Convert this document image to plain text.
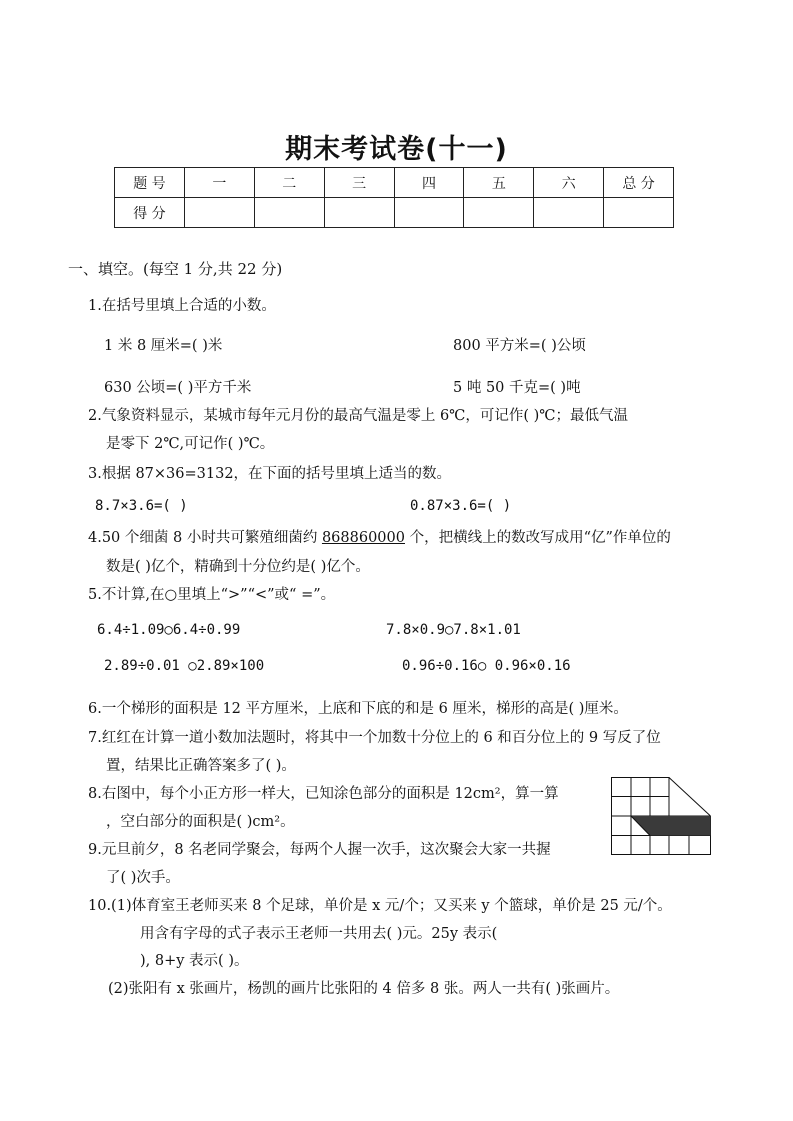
期末考试卷(十一)
题 号	一	二	三	四	五	六	总 分
得 分							
一、填空。(每空 1 分,共 22 分)
1.在括号里填上合适的小数。
1 米 8 厘米=( )米	800 平方米=( )公顷
630 公顷=( )平方千米	5 吨 50 千克=( )吨
2.气象资料显示，某城市每年元月份的最高气温是零上 6℃，可记作( )℃；最低气温
是零下 2℃,可记作( )℃。
3.根据 87×36=3132，在下面的括号里填上适当的数。
8.7×3.6=( )	0.87×3.6=( )
4.50 个细菌 8 小时共可繁殖细菌约 868860000 个，把横线上的数改写成用“亿”作单位的
数是( )亿个，精确到十分位约是( )亿个。
5.不计算,在○里填上“>”“<”或“ =”。
6.4÷1.09○6.4÷0.99	7.8×0.9○7.8×1.01
2.89÷0.01 ○2.89×100	0.96÷0.16○ 0.96×0.16
6.一个梯形的面积是 12 平方厘米，上底和下底的和是 6 厘米，梯形的高是( )厘米。
7.红红在计算一道小数加法题时，将其中一个加数十分位上的 6 和百分位上的 9 写反了位
置，结果比正确答案多了( )。
8.右图中，每个小正方形一样大，已知涂色部分的面积是 12cm²，算一算
，空白部分的面积是( )cm²。
9.元旦前夕，8 名老同学聚会，每两个人握一次手，这次聚会大家一共握
了( )次手。
10.(1)体育室王老师买来 8 个足球，单价是 x 元/个；又买来 y 个篮球，单价是 25 元/个。
用含有字母的式子表示王老师一共用去( )元。25y 表示(
), 8+y 表示( )。
(2)张阳有 x 张画片，杨凯的画片比张阳的 4 倍多 8 张。两人一共有( )张画片。
